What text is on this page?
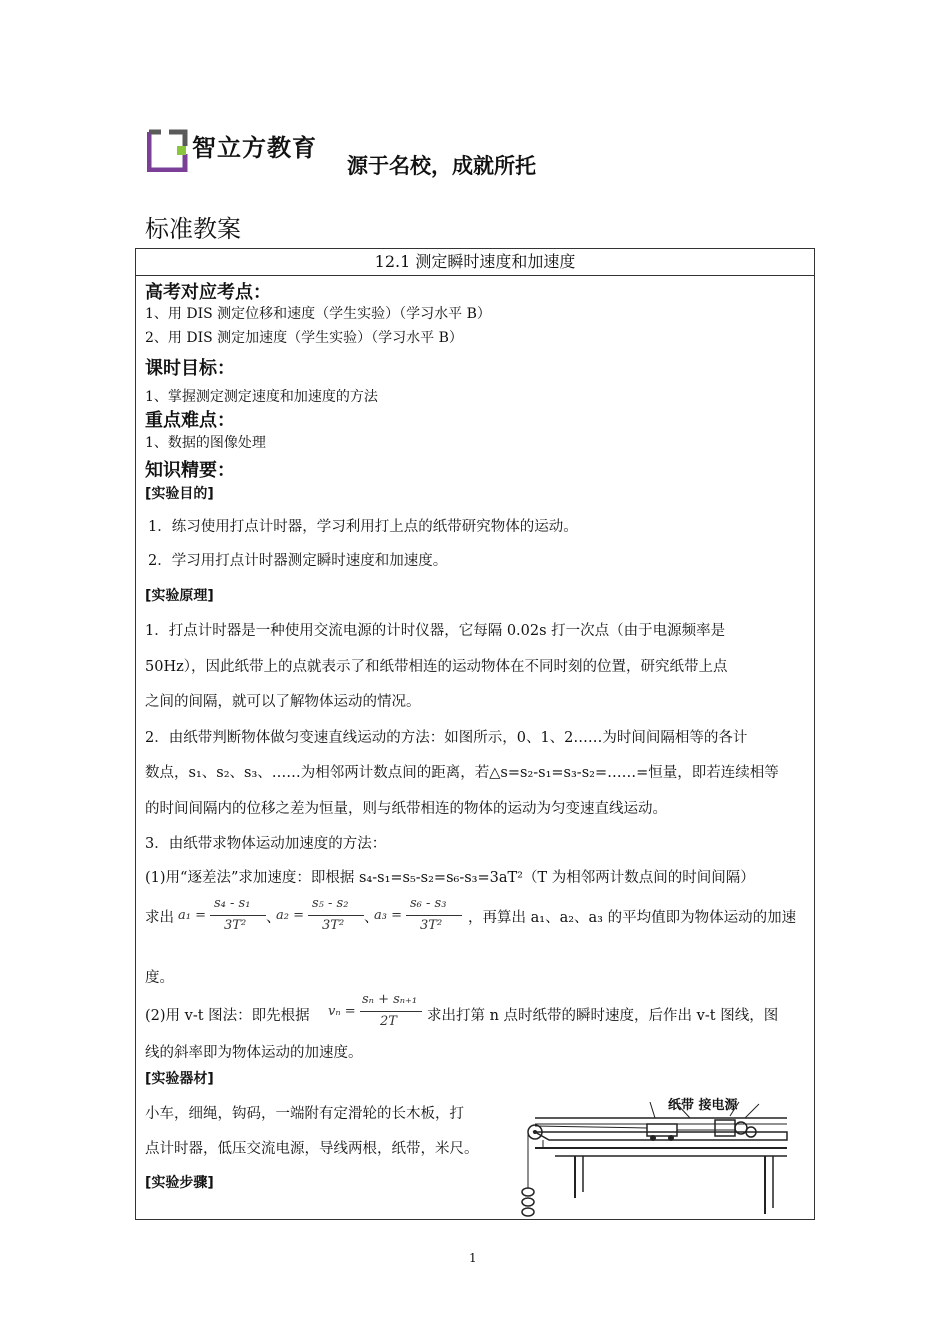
智立方教育
源于名校，成就所托
标准教案
12.1 测定瞬时速度和加速度
高考对应考点：
1、用 DIS 测定位移和速度（学生实验）（学习水平 B）
2、用 DIS 测定加速度（学生实验）（学习水平 B）
课时目标：
1、掌握测定测定速度和加速度的方法
重点难点：
1、数据的图像处理
知识精要：
[实验目的]
1．练习使用打点计时器，学习利用打上点的纸带研究物体的运动。
2．学习用打点计时器测定瞬时速度和加速度。
[实验原理]
1．打点计时器是一种使用交流电源的计时仪器，它每隔 0.02s 打一次点（由于电源频率是
50Hz），因此纸带上的点就表示了和纸带相连的运动物体在不同时刻的位置，研究纸带上点
之间的间隔，就可以了解物体运动的情况。
2．由纸带判断物体做匀变速直线运动的方法：如图所示，0、1、2……为时间间隔相等的各计
数点，s₁、s₂、s₃、……为相邻两计数点间的距离，若△s=s₂-s₁=s₃-s₂=……=恒量，即若连续相等
的时间间隔内的位移之差为恒量，则与纸带相连的物体的运动为匀变速直线运动。
3．由纸带求物体运动加速度的方法：
(1)用“逐差法”求加速度：即根据 s₄-s₁=s₅-s₂=s₆-s₃=3aT²（T 为相邻两计数点间的时间间隔）
求出 a₁ =
s₄ - s₁
3T² 、
a₂ =
s₅ - s₂
3T² 、
a₃ =
s₆ - s₃
3T² ，再算出 a₁、a₂、a₃ 的平均值即为物体运动的加速
度。
(2)用 v-t 图法：即先根据 vₙ =
sₙ + sₙ₊₁
2T 求出打第 n 点时纸带的瞬时速度，后作出 v-t 图线，图
线的斜率即为物体运动的加速度。
[实验器材]
小车，细绳，钩码，一端附有定滑轮的长木板，打
点计时器，低压交流电源，导线两根，纸带，米尺。
[实验步骤]
纸带 接电源
1
